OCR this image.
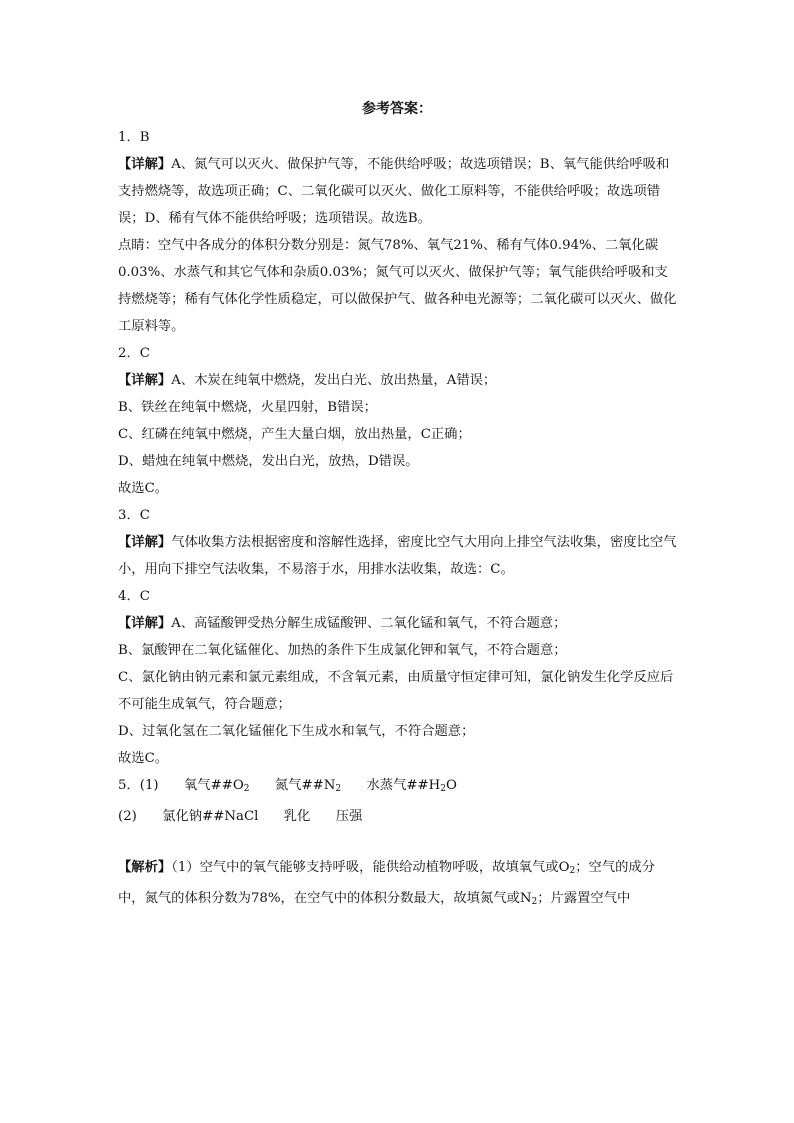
参考答案：

1．B

【详解】A、氮气可以灭火、做保护气等，不能供给呼吸；故选项错误；B、氧气能供给呼吸和支持燃烧等，故选项正确；C、二氧化碳可以灭火、做化工原料等，不能供给呼吸；故选项错误；D、稀有气体不能供给呼吸；选项错误。故选B。

点睛：空气中各成分的体积分数分别是：氮气78%、氧气21%、稀有气体0.94%、二氧化碳0.03%、水蒸气和其它气体和杂质0.03%；氮气可以灭火、做保护气等；氧气能供给呼吸和支持燃烧等；稀有气体化学性质稳定，可以做保护气、做各种电光源等；二氧化碳可以灭火、做化工原料等。

2．C

【详解】A、木炭在纯氧中燃烧，发出白光、放出热量，A错误；

B、铁丝在纯氧中燃烧，火星四射，B错误；

C、红磷在纯氧中燃烧，产生大量白烟，放出热量，C正确；

D、蜡烛在纯氧中燃烧，发出白光，放热，D错误。

故选C。

3．C

【详解】气体收集方法根据密度和溶解性选择，密度比空气大用向上排空气法收集，密度比空气小，用向下排空气法收集，不易溶于水，用排水法收集，故选：C。

4．C

【详解】A、高锰酸钾受热分解生成锰酸钾、二氧化锰和氧气，不符合题意；

B、氯酸钾在二氧化锰催化、加热的条件下生成氯化钾和氧气，不符合题意；

C、氯化钠由钠元素和氯元素组成，不含氧元素，由质量守恒定律可知，氯化钠发生化学反应后不可能生成氧气，符合题意；

D、过氧化氢在二氧化锰催化下生成水和氧气，不符合题意；

故选C。

5．(1) 氧气$\#\#O_2$ 氮气$\#\#N_2$ 水蒸气$\#\#H_2O$

(2) 氯化钠##NaCl 乳化 压强

【解析】（1）空气中的氧气能够支持呼吸，能供给动植物呼吸，故填氧气或$O_2$；空气的成分中，氮气的体积分数为78%，在空气中的体积分数最大，故填氮气或$N_2$；片露置空气中
